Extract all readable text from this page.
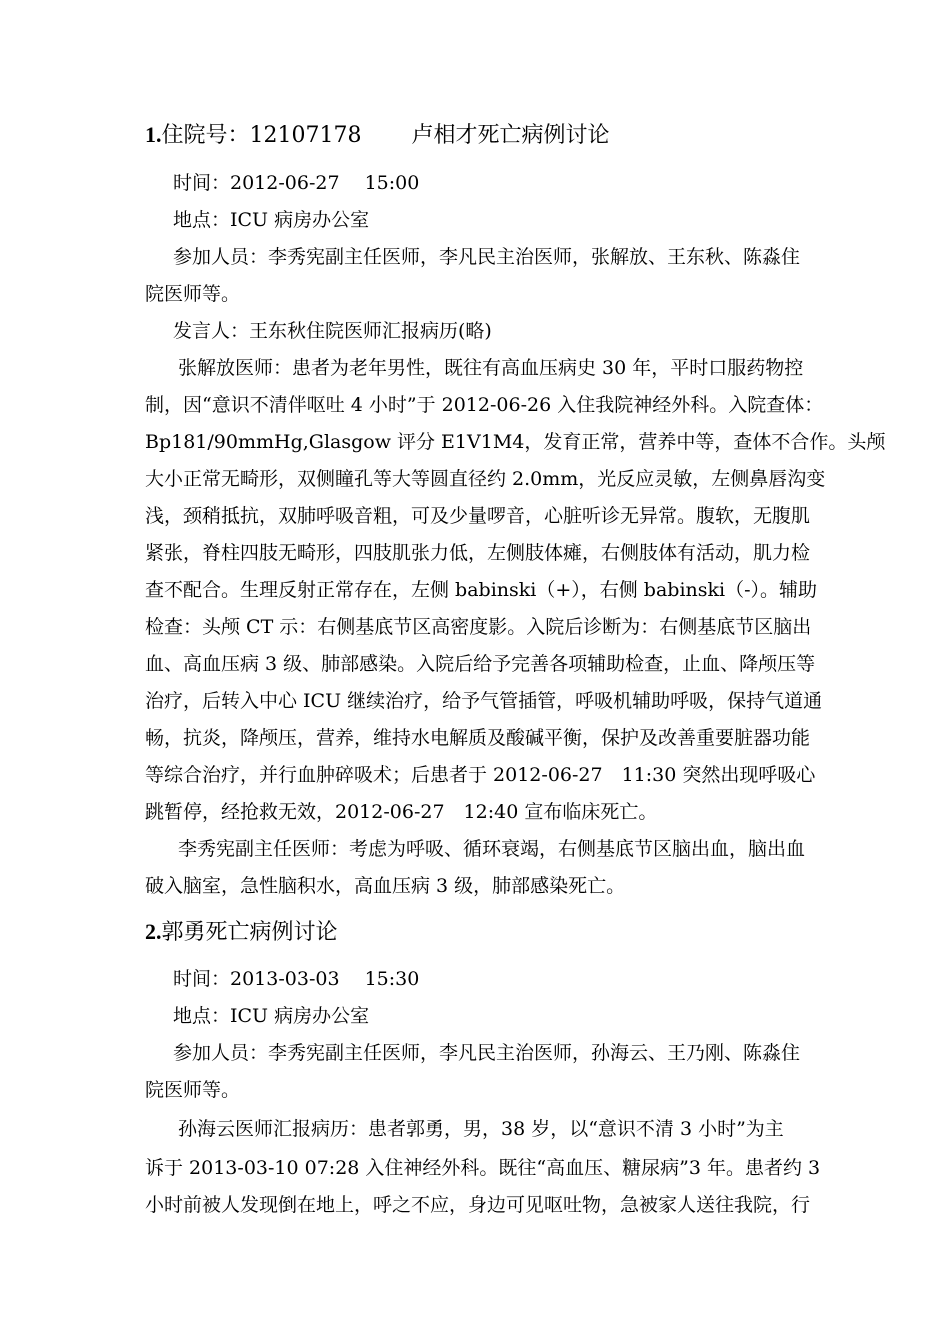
1.住院号：12107178 卢相才死亡病例讨论
时间：2012-06-27　 15:00
地点：ICU 病房办公室
参加人员：李秀宪副主任医师，李凡民主治医师，张解放、王东秋、陈淼住
院医师等。
发言人：王东秋住院医师汇报病历(略)
张解放医师：患者为老年男性，既往有高血压病史 30 年，平时口服药物控
制，因“意识不清伴呕吐 4 小时”于 2012-06-26 入住我院神经外科。入院查体：
Bp181/90mmHg,Glasgow 评分 E1V1M4，发育正常，营养中等，查体不合作。头颅
大小正常无畸形，双侧瞳孔等大等圆直径约 2.0mm，光反应灵敏，左侧鼻唇沟变
浅，颈稍抵抗，双肺呼吸音粗，可及少量啰音，心脏听诊无异常。腹软，无腹肌
紧张，脊柱四肢无畸形，四肢肌张力低，左侧肢体瘫，右侧肢体有活动，肌力检
查不配合。生理反射正常存在，左侧 babinski（+），右侧 babinski（-）。辅助
检查：头颅 CT 示：右侧基底节区高密度影。入院后诊断为：右侧基底节区脑出
血、高血压病 3 级、肺部感染。入院后给予完善各项辅助检查，止血、降颅压等
治疗，后转入中心 ICU 继续治疗，给予气管插管，呼吸机辅助呼吸，保持气道通
畅，抗炎，降颅压，营养，维持水电解质及酸碱平衡，保护及改善重要脏器功能
等综合治疗，并行血肿碎吸术；后患者于 2012-06-27　11:30 突然出现呼吸心
跳暂停，经抢救无效，2012-06-27　12:40 宣布临床死亡。
李秀宪副主任医师：考虑为呼吸、循环衰竭，右侧基底节区脑出血，脑出血
破入脑室，急性脑积水，高血压病 3 级，肺部感染死亡。
2.郭勇死亡病例讨论
时间：2013-03-03　 15:30
地点：ICU 病房办公室
参加人员：李秀宪副主任医师，李凡民主治医师，孙海云、王乃刚、陈淼住
院医师等。
孙海云医师汇报病历：患者郭勇，男，38 岁，以“意识不清 3 小时”为主
诉于 2013-03-10 07:28 入住神经外科。既往“高血压、糖尿病”3 年。患者约 3
小时前被人发现倒在地上，呼之不应，身边可见呕吐物，急被家人送往我院，行
